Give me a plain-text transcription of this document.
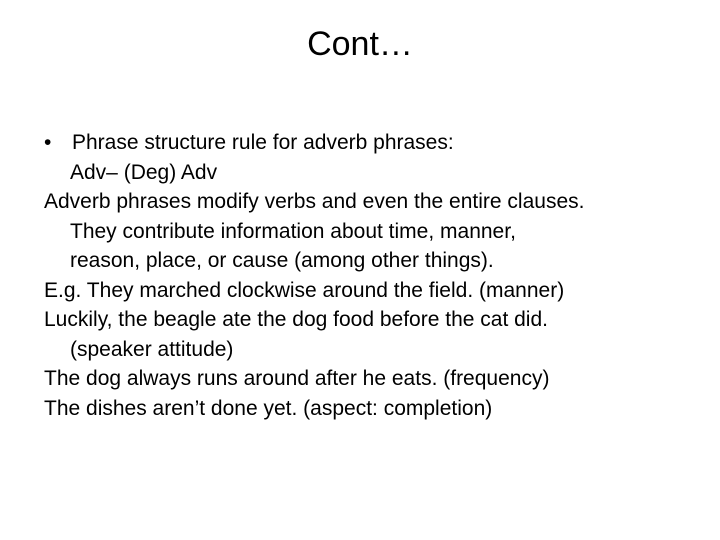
Cont…
• Phrase structure rule for adverb phrases:
Adv– (Deg) Adv
Adverb phrases modify verbs and even the entire clauses.
They contribute information about time, manner,
reason, place, or cause (among other things).
E.g. They marched clockwise around the field. (manner)
Luckily, the beagle ate the dog food before the cat did.
(speaker attitude)
The dog always runs around after he eats. (frequency)
The dishes aren’t done yet. (aspect: completion)
